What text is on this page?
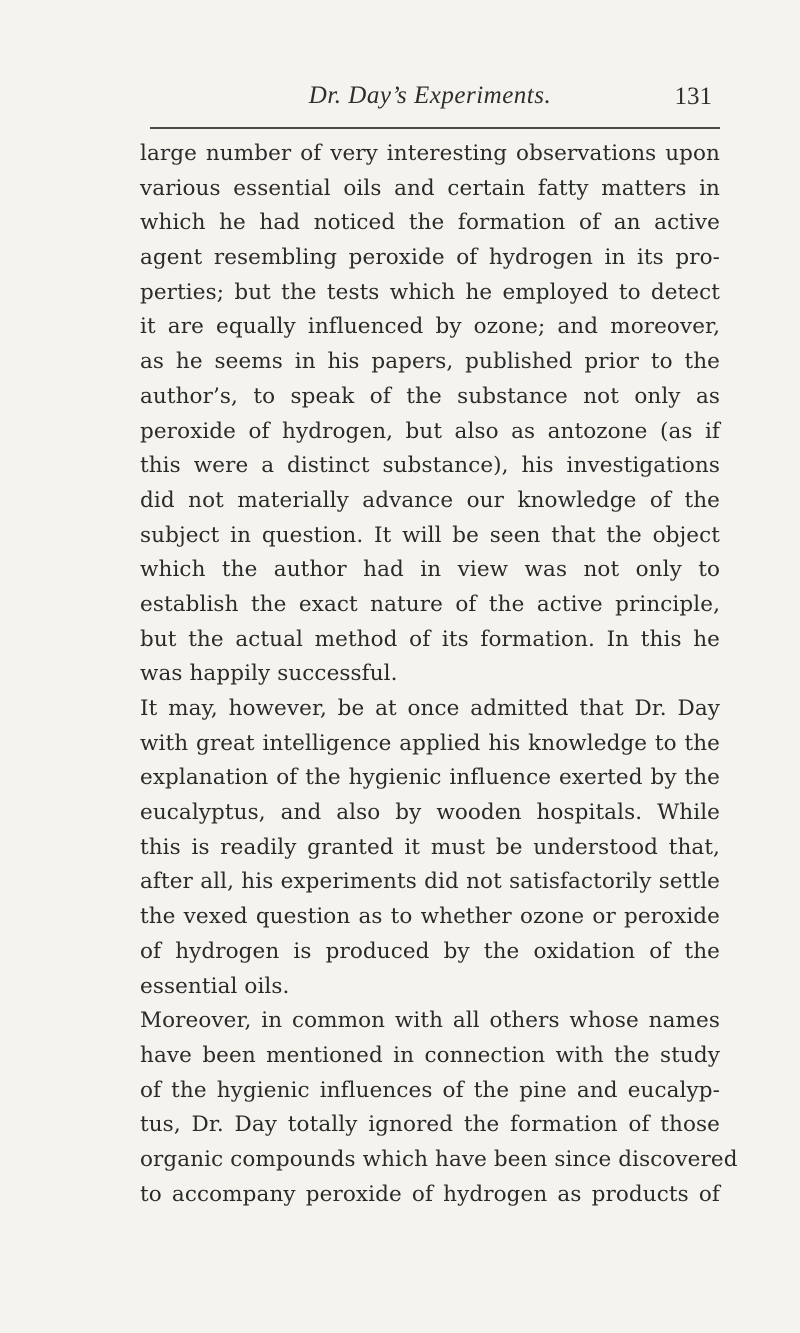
Dr. Day’s Experiments.	131
large number of very interesting observations upon
various essential oils and certain fatty matters in
which he had noticed the formation of an active
agent resembling peroxide of hydrogen in its pro-
perties; but the tests which he employed to detect
it are equally influenced by ozone; and moreover,
as he seems in his papers, published prior to the
author’s, to speak of the substance not only as
peroxide of hydrogen, but also as antozone (as if
this were a distinct substance), his investigations
did not materially advance our knowledge of the
subject in question. It will be seen that the object
which the author had in view was not only to
establish the exact nature of the active principle,
but the actual method of its formation. In this he
was happily successful.
It may, however, be at once admitted that Dr. Day
with great intelligence applied his knowledge to the
explanation of the hygienic influence exerted by the
eucalyptus, and also by wooden hospitals. While
this is readily granted it must be understood that,
after all, his experiments did not satisfactorily settle
the vexed question as to whether ozone or peroxide
of hydrogen is produced by the oxidation of the
essential oils.
Moreover, in common with all others whose names
have been mentioned in connection with the study
of the hygienic influences of the pine and eucalyp-
tus, Dr. Day totally ignored the formation of those
organic compounds which have been since discovered
to accompany peroxide of hydrogen as products of
